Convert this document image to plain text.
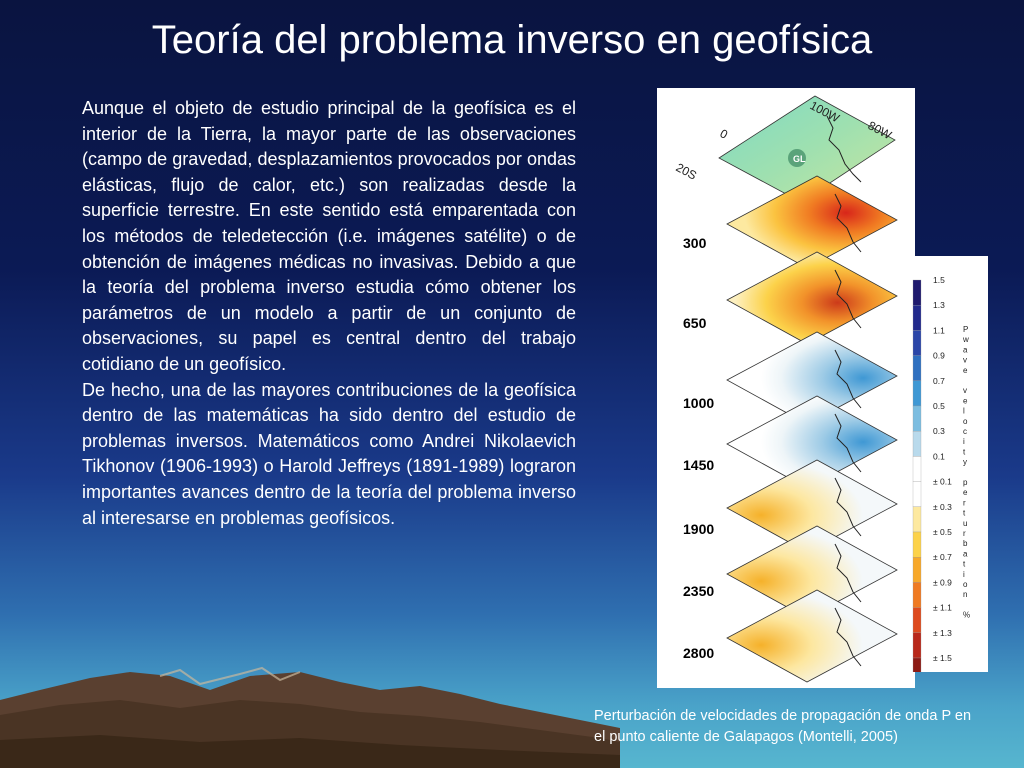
Teoría del problema inverso en geofísica

Aunque el objeto de estudio principal de la geofísica es el interior de la Tierra, la mayor parte de las observaciones (campo de gravedad, desplazamientos provocados por ondas elásticas, flujo de calor, etc.) son realizadas desde la superficie terrestre. En este sentido está emparentada con los métodos de teledetección (i.e. imágenes satélite) o de obtención de imágenes médicas no invasivas. Debido a que la teoría del problema inverso estudia cómo obtener los parámetros de un modelo a partir de un conjunto de observaciones, su papel es central dentro del trabajo cotidiano de un geofísico.

De hecho, una de las mayores contribuciones de la geofísica dentro de las matemáticas ha sido dentro del estudio de problemas inversos. Matemáticos como Andrei Nikolaevich Tikhonov (1906-1993) o Harold Jeffreys (1891-1989) lograron importantes avances dentro de la teoría del problema inverso al interesarse en problemas geofísicos.

GL
100W
80W
0
20S
300
650
1000
1450
1900
2350
2800
1.5
1.3
1.1
0.9
0.7
0.5
0.3
0.1
± 0.1
± 0.3
± 0.5
± 0.7
± 0.9
± 1.1
± 1.3
± 1.5
P
w
a
v
e
v
e
l
o
c
i
t
y
p
e
r
t
u
r
b
a
t
i
o
n
%
Perturbación de velocidades de propagación de onda P en el punto caliente de Galapagos (Montelli, 2005)
